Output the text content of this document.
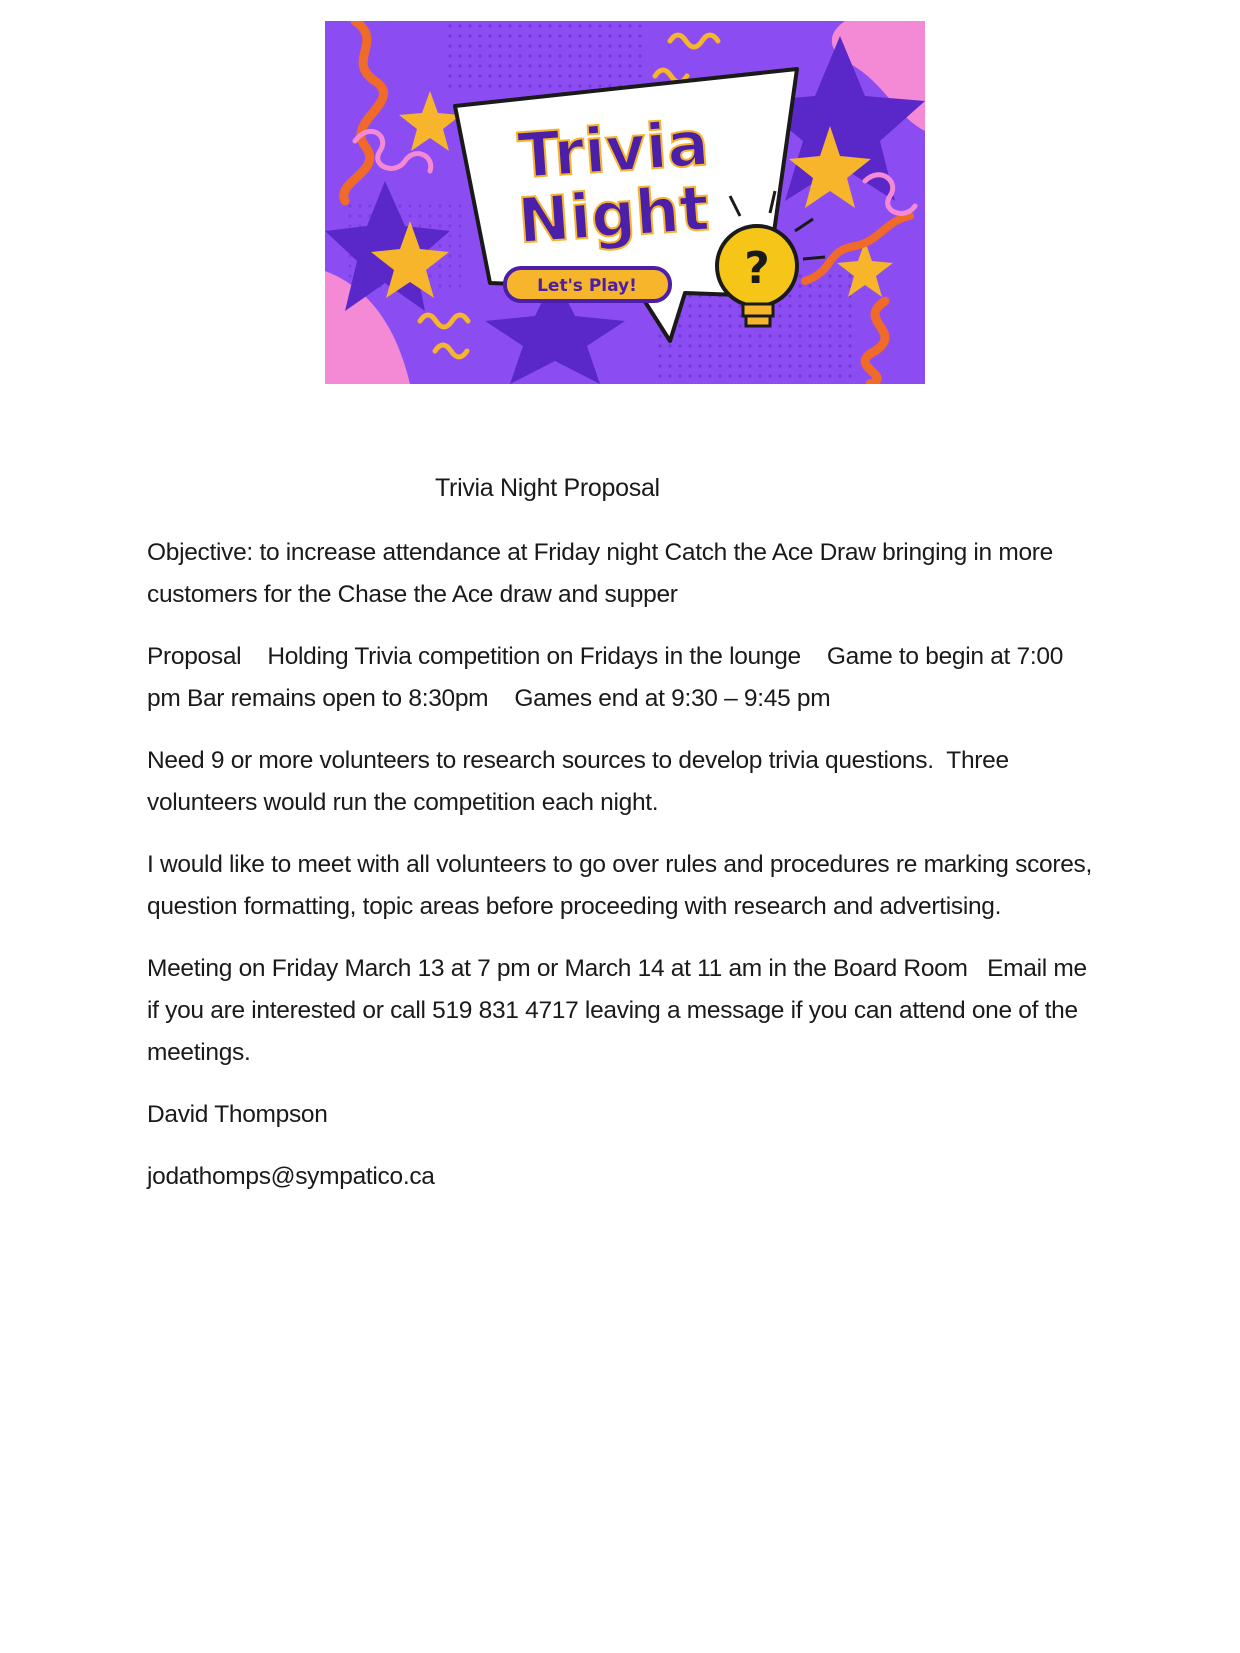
Trivia
Night
Let's Play! ?
Trivia Night Proposal

Objective: to increase attendance at Friday night Catch the Ace Draw bringing in more customers for the Chase the Ace draw and supper

Proposal    Holding Trivia competition on Fridays in the lounge    Game to begin at 7:00 pm Bar remains open to 8:30pm    Games end at 9:30 – 9:45 pm

Need 9 or more volunteers to research sources to develop trivia questions.  Three volunteers would run the competition each night.

I would like to meet with all volunteers to go over rules and procedures re marking scores, question formatting, topic areas before proceeding with research and advertising.

Meeting on Friday March 13 at 7 pm or March 14 at 11 am in the Board Room   Email me if you are interested or call 519 831 4717 leaving a message if you can attend one of the meetings.

David Thompson

jodathomps@sympatico.ca
